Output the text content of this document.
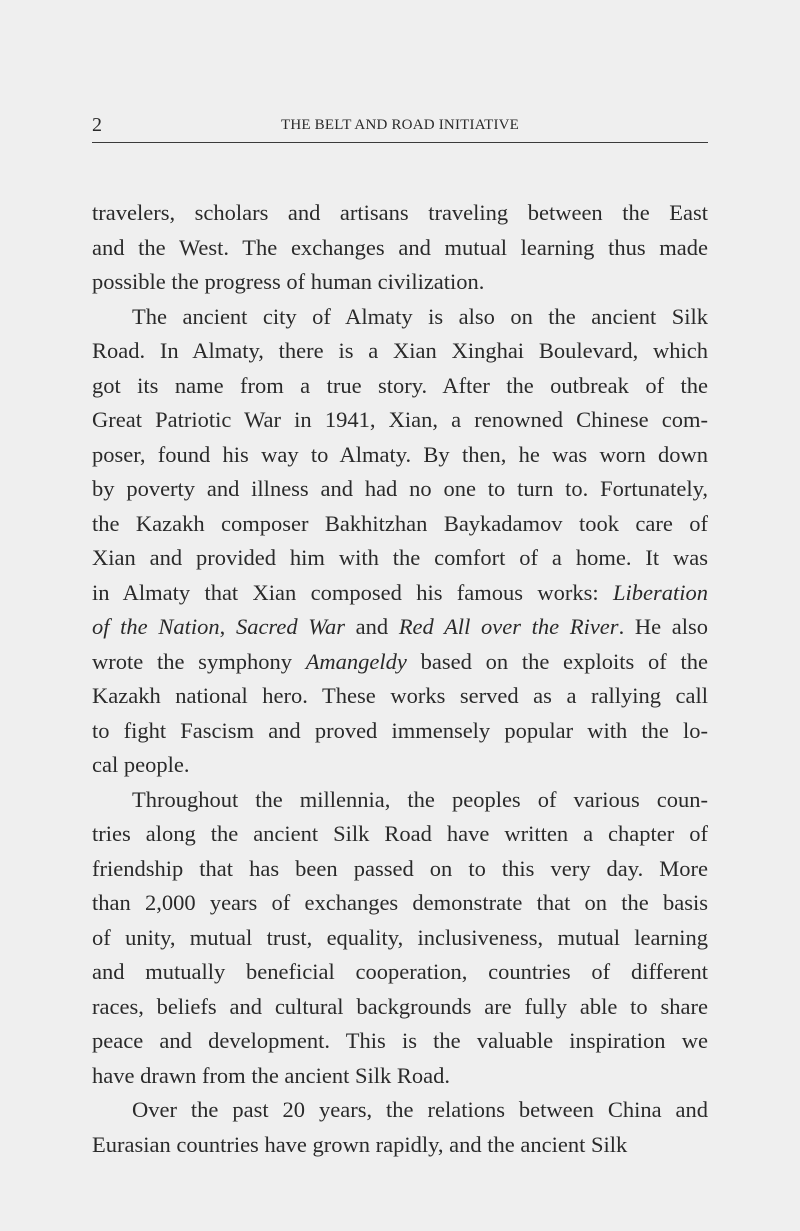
2	THE BELT AND ROAD INITIATIVE

travelers, scholars and artisans traveling between the East
and the West. The exchanges and mutual learning thus made
possible the progress of human civilization.

The ancient city of Almaty is also on the ancient Silk
Road. In Almaty, there is a Xian Xinghai Boulevard, which
got its name from a true story. After the outbreak of the
Great Patriotic War in 1941, Xian, a renowned Chinese com-
poser, found his way to Almaty. By then, he was worn down
by poverty and illness and had no one to turn to. Fortunately,
the Kazakh composer Bakhitzhan Baykadamov took care of
Xian and provided him with the comfort of a home. It was
in Almaty that Xian composed his famous works: Liberation
of the Nation, Sacred War and Red All over the River. He also
wrote the symphony Amangeldy based on the exploits of the
Kazakh national hero. These works served as a rallying call
to fight Fascism and proved immensely popular with the lo-
cal people.

Throughout the millennia, the peoples of various coun-
tries along the ancient Silk Road have written a chapter of
friendship that has been passed on to this very day. More
than 2,000 years of exchanges demonstrate that on the basis
of unity, mutual trust, equality, inclusiveness, mutual learning
and mutually beneficial cooperation, countries of different
races, beliefs and cultural backgrounds are fully able to share
peace and development. This is the valuable inspiration we
have drawn from the ancient Silk Road.

Over the past 20 years, the relations between China and
Eurasian countries have grown rapidly, and the ancient Silk
